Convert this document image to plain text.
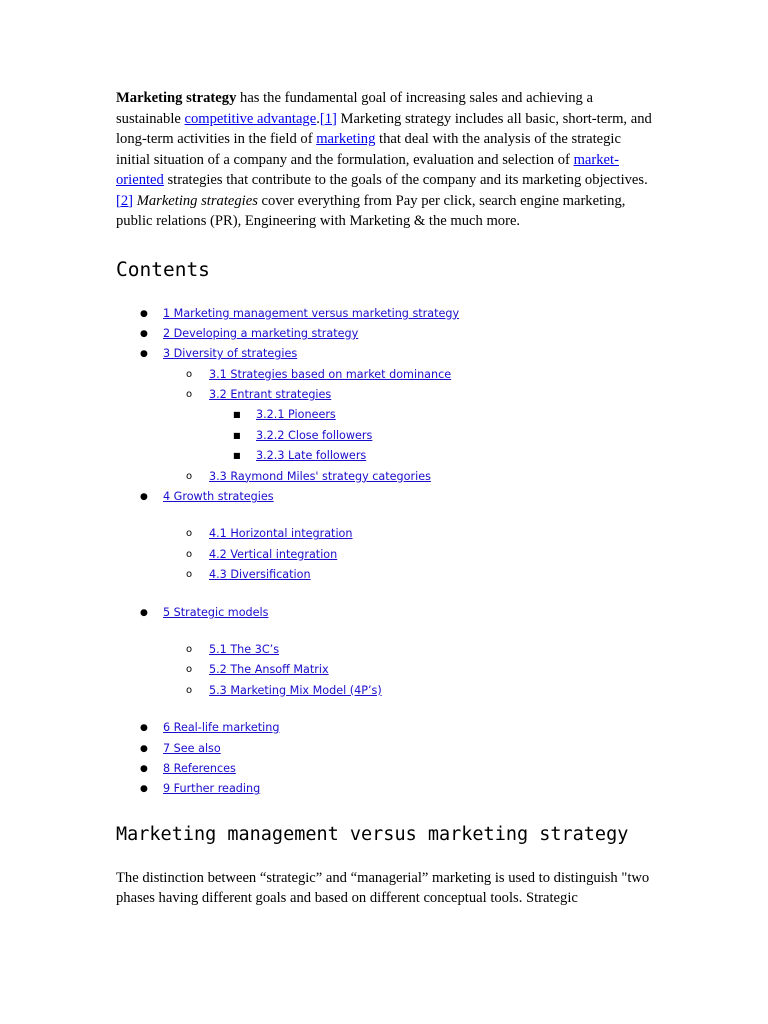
Marketing strategy has the fundamental goal of increasing sales and achieving a sustainable competitive advantage.[1] Marketing strategy includes all basic, short-term, and long-term activities in the field of marketing that deal with the analysis of the strategic initial situation of a company and the formulation, evaluation and selection of market-oriented strategies that contribute to the goals of the company and its marketing objectives.[2] Marketing strategies cover everything from Pay per click, search engine marketing, public relations (PR), Engineering with Marketing & the much more.

Contents
● 1 Marketing management versus marketing strategy
● 2 Developing a marketing strategy
● 3 Diversity of strategies
o 3.1 Strategies based on market dominance
o 3.2 Entrant strategies
■ 3.2.1 Pioneers
■ 3.2.2 Close followers
■ 3.2.3 Late followers
o 3.3 Raymond Miles' strategy categories
● 4 Growth strategies
o 4.1 Horizontal integration
o 4.2 Vertical integration
o 4.3 Diversification
● 5 Strategic models
o 5.1 The 3C’s
o 5.2 The Ansoff Matrix
o 5.3 Marketing Mix Model (4P’s)
● 6 Real-life marketing
● 7 See also
● 8 References
● 9 Further reading
Marketing management versus marketing strategy

The distinction between “strategic” and “managerial” marketing is used to distinguish "two phases having different goals and based on different conceptual tools. Strategic
